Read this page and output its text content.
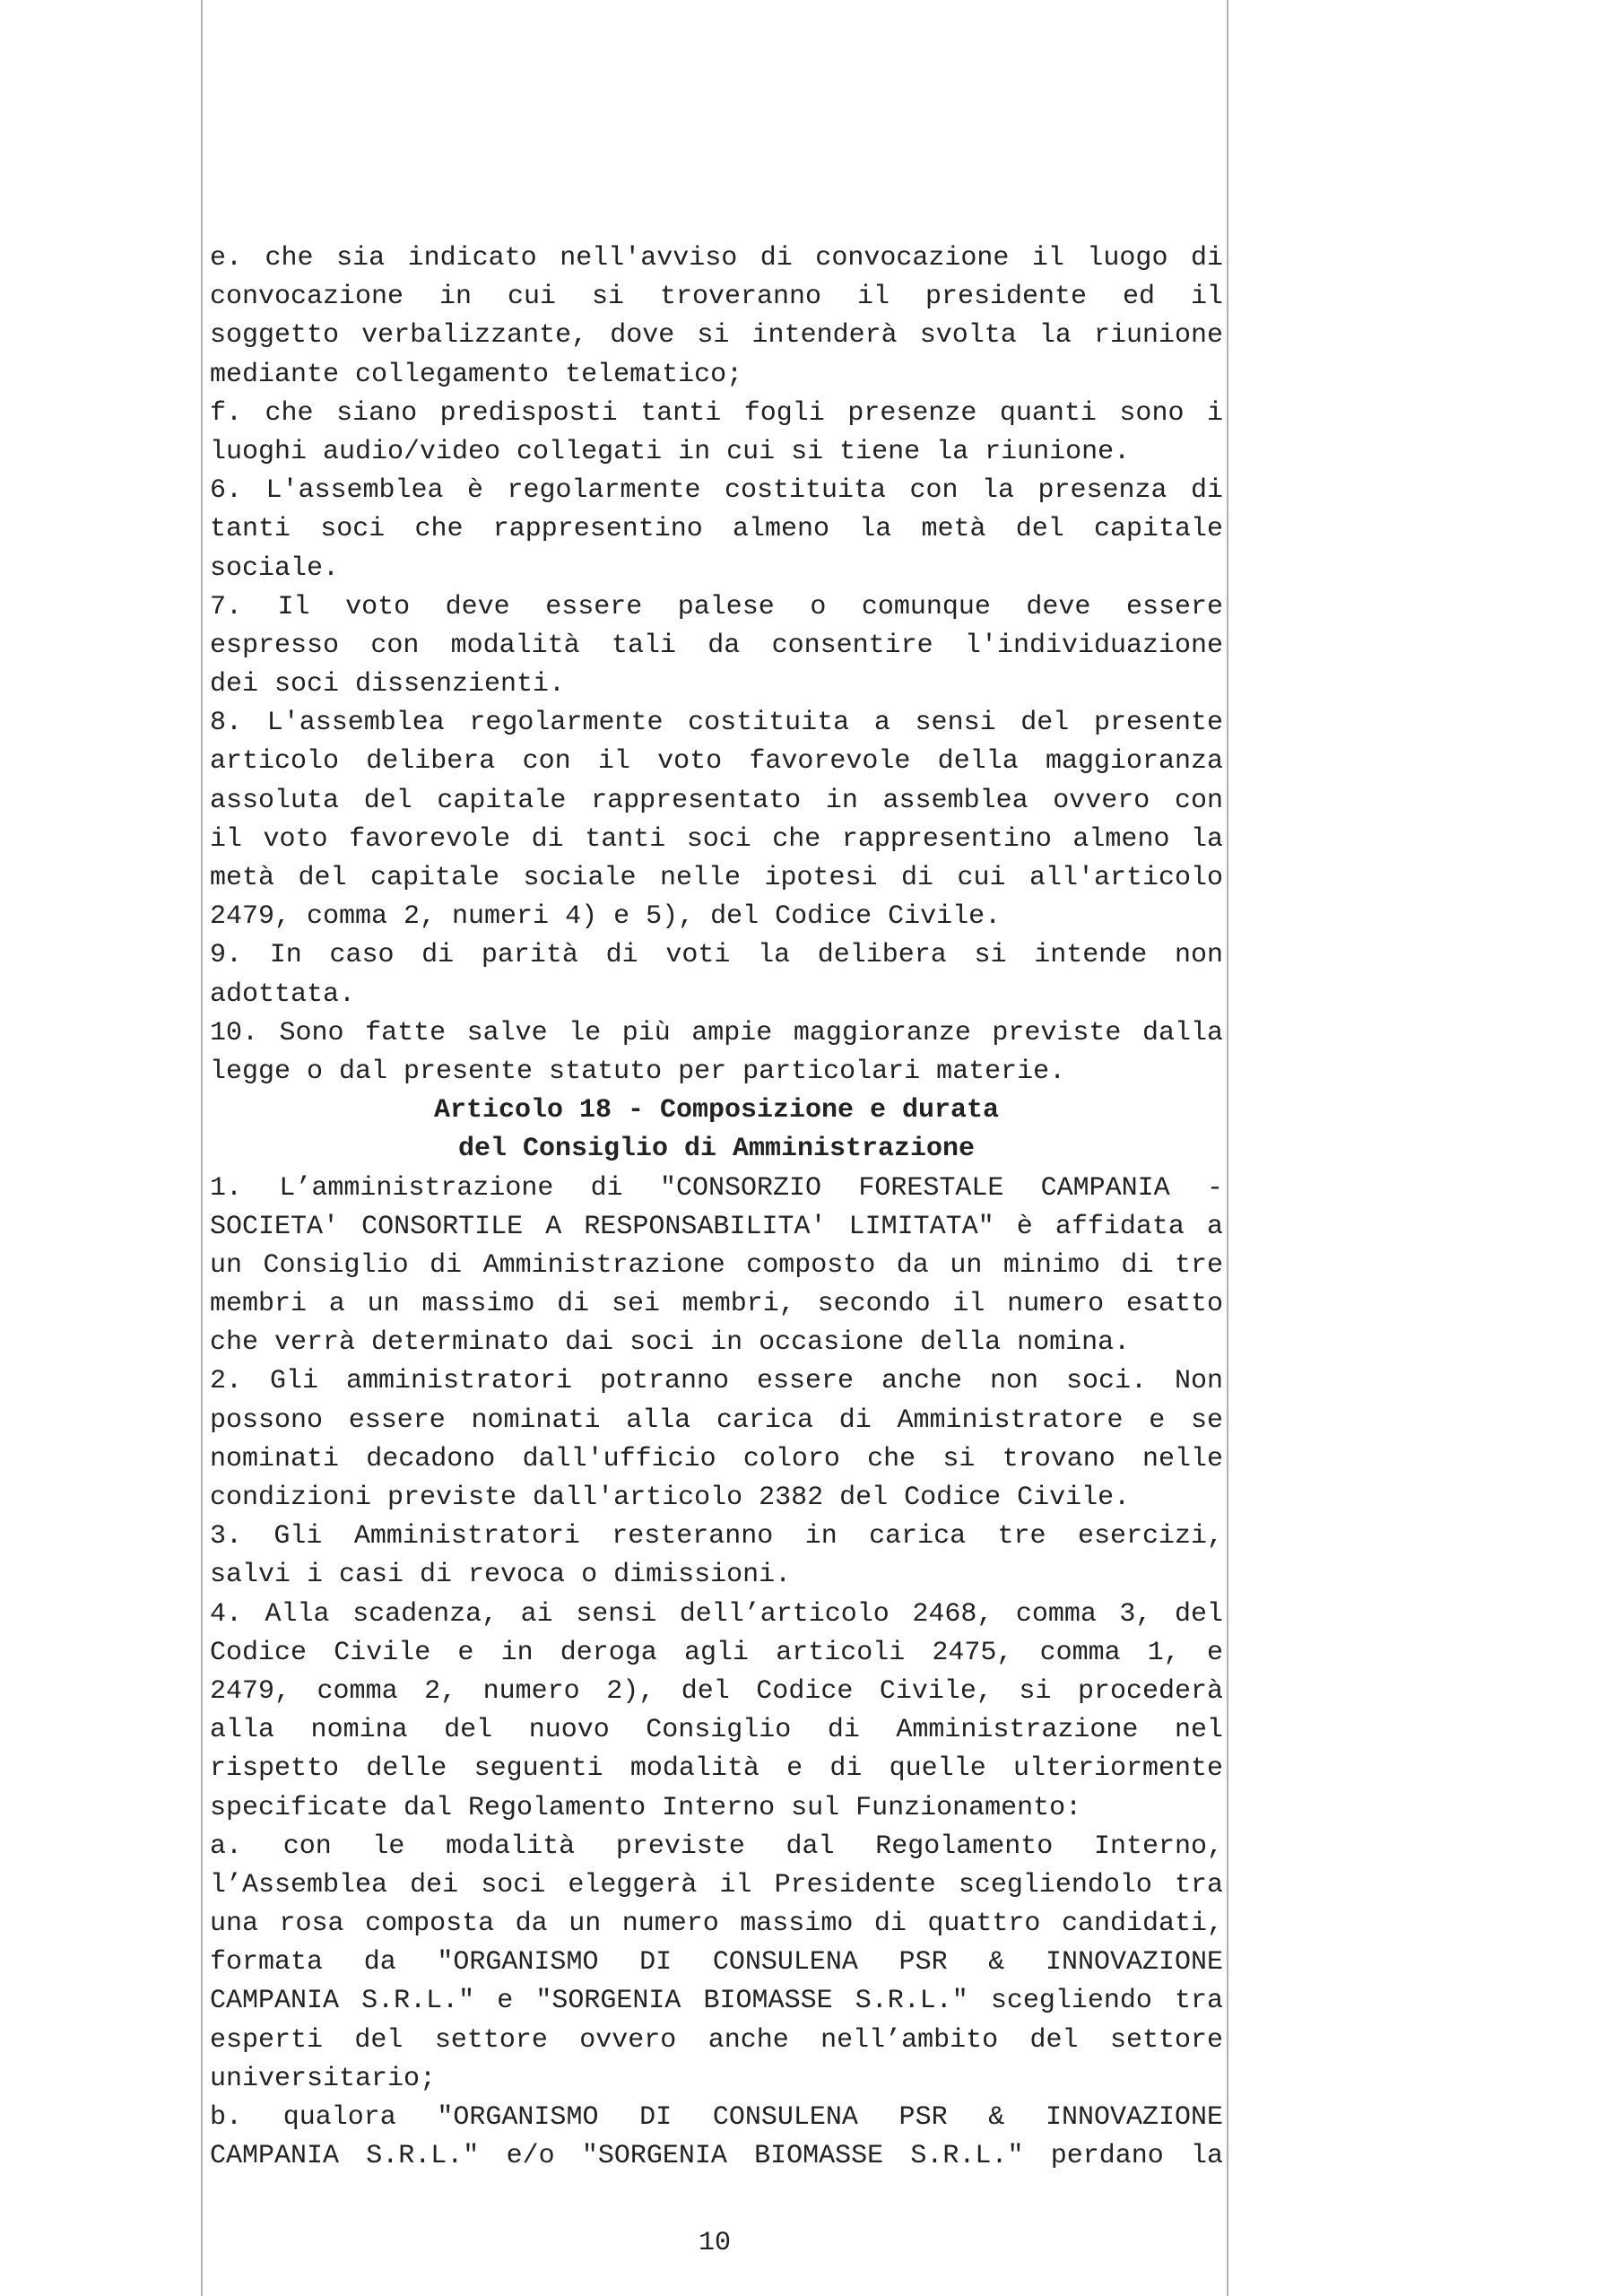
e. che sia indicato nell'avviso di convocazione il luogo di
convocazione in cui si troveranno il presidente ed il
soggetto verbalizzante, dove si intenderà svolta la riunione
mediante collegamento telematico;
f. che siano predisposti tanti fogli presenze quanti sono i
luoghi audio/video collegati in cui si tiene la riunione.
6. L'assemblea è regolarmente costituita con la presenza di
tanti soci che rappresentino almeno la metà del capitale
sociale.
7. Il voto deve essere palese o comunque deve essere
espresso con modalità tali da consentire l'individuazione
dei soci dissenzienti.
8. L'assemblea regolarmente costituita a sensi del presente
articolo delibera con il voto favorevole della maggioranza
assoluta del capitale rappresentato in assemblea ovvero con
il voto favorevole di tanti soci che rappresentino almeno la
metà del capitale sociale nelle ipotesi di cui all'articolo
2479, comma 2, numeri 4) e 5), del Codice Civile.
9. In caso di parità di voti la delibera si intende non
adottata.
10. Sono fatte salve le più ampie maggioranze previste dalla
legge o dal presente statuto per particolari materie.
Articolo 18 - Composizione e durata
del Consiglio di Amministrazione
1. L’amministrazione di "CONSORZIO FORESTALE CAMPANIA -
SOCIETA' CONSORTILE A RESPONSABILITA' LIMITATA" è affidata a
un Consiglio di Amministrazione composto da un minimo di tre
membri a un massimo di sei membri, secondo il numero esatto
che verrà determinato dai soci in occasione della nomina.
2. Gli amministratori potranno essere anche non soci. Non
possono essere nominati alla carica di Amministratore e se
nominati decadono dall'ufficio coloro che si trovano nelle
condizioni previste dall'articolo 2382 del Codice Civile.
3. Gli Amministratori resteranno in carica tre esercizi,
salvi i casi di revoca o dimissioni.
4. Alla scadenza, ai sensi dell’articolo 2468, comma 3, del
Codice Civile e in deroga agli articoli 2475, comma 1, e
2479, comma 2, numero 2), del Codice Civile, si procederà
alla nomina del nuovo Consiglio di Amministrazione nel
rispetto delle seguenti modalità e di quelle ulteriormente
specificate dal Regolamento Interno sul Funzionamento:
a. con le modalità previste dal Regolamento Interno,
l’Assemblea dei soci eleggerà il Presidente scegliendolo tra
una rosa composta da un numero massimo di quattro candidati,
formata da "ORGANISMO DI CONSULENA PSR & INNOVAZIONE
CAMPANIA S.R.L." e "SORGENIA BIOMASSE S.R.L." scegliendo tra
esperti del settore ovvero anche nell’ambito del settore
universitario;
b. qualora "ORGANISMO DI CONSULENA PSR & INNOVAZIONE
CAMPANIA S.R.L." e/o "SORGENIA BIOMASSE S.R.L." perdano la
10
